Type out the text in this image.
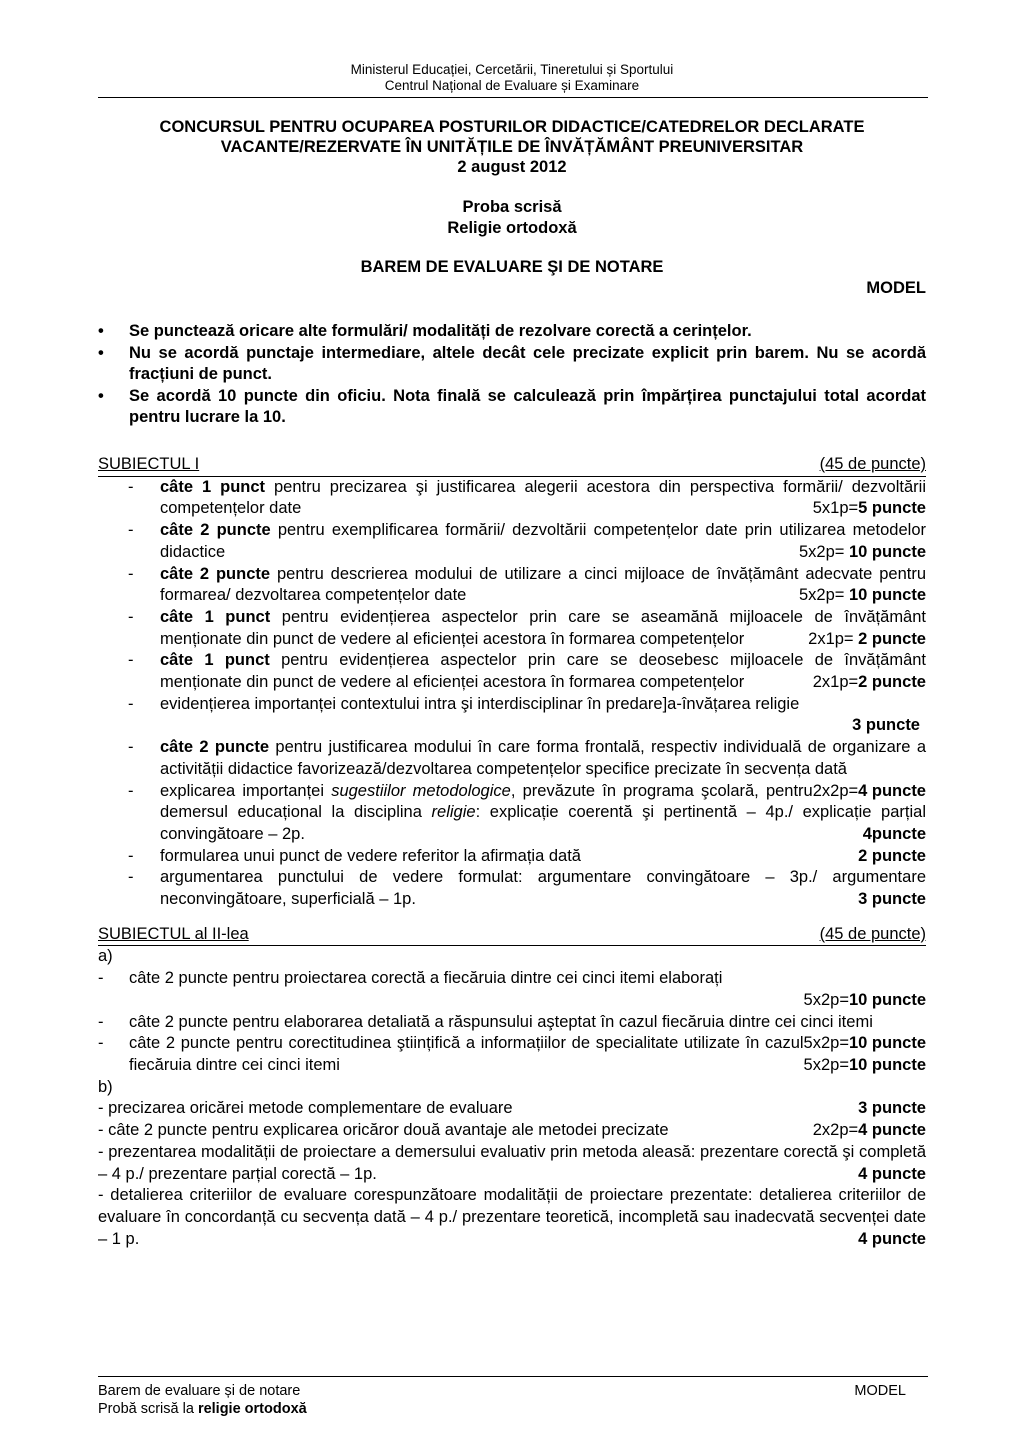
Ministerul Educației, Cercetării, Tineretului și Sportului
Centrul Național de Evaluare și Examinare
CONCURSUL PENTRU OCUPAREA POSTURILOR DIDACTICE/CATEDRELOR DECLARATE
VACANTE/REZERVATE ÎN UNITĂȚILE DE ÎNVĂȚĂMÂNT PREUNIVERSITAR
2 august 2012
Proba scrisă
Religie ortodoxă
BAREM DE EVALUARE ŞI DE NOTARE
MODEL
• Se punctează oricare alte formulări/ modalități de rezolvare corectă a cerințelor.
• Nu se acordă punctaje intermediare, altele decât cele precizate explicit prin barem. Nu se acordă fracțiuni de punct.
• Se acordă 10 puncte din oficiu. Nota finală se calculează prin împărțirea punctajului total acordat pentru lucrare la 10.
SUBIECTUL I	(45 de puncte)
- câte 1 punct pentru precizarea şi justificarea alegerii acestora din perspectiva formării/ dezvoltării competențelor date	5x1p=5 puncte
- câte 2 puncte pentru exemplificarea formării/ dezvoltării competențelor date prin utilizarea metodelor didactice	5x2p= 10 puncte
- câte 2 puncte pentru descrierea modului de utilizare a cinci mijloace de învățământ adecvate pentru formarea/ dezvoltarea competențelor date	5x2p= 10 puncte
- câte 1 punct pentru evidențierea aspectelor prin care se aseamănă mijloacele de învățământ menționate din punct de vedere al eficienței acestora în formarea competențelor	2x1p= 2 puncte
- câte 1 punct pentru evidențierea aspectelor prin care se deosebesc mijloacele de învățământ menționate din punct de vedere al eficienței acestora în formarea competențelor	2x1p=2 puncte
- evidențierea importanței contextului intra şi interdisciplinar în predare]a-învățarea religie
3 puncte
- câte 2 puncte pentru justificarea modului în care forma frontală, respectiv individuală de organizare a activității didactice favorizează/dezvoltarea competențelor specifice precizate în secvența dată
2x2p=4 puncte
- explicarea importanței sugestiilor metodologice, prevăzute în programa şcolară, pentru demersul educațional la disciplina religie: explicație coerentă şi pertinentă – 4p./ explicație parțial convingătoare – 2p.	4puncte
- formularea unui punct de vedere referitor la afirmația dată	2 puncte
- argumentarea punctului de vedere formulat: argumentare convingătoare – 3p./ argumentare neconvingătoare, superficială – 1p.	3 puncte
SUBIECTUL al II-lea	(45 de puncte)
a)
- câte 2 puncte pentru proiectarea corectă a fiecăruia dintre cei cinci itemi elaborați
5x2p=10 puncte
- câte 2 puncte pentru elaborarea detaliată a răspunsului aşteptat în cazul fiecăruia dintre cei cinci itemi
5x2p=10 puncte
- câte 2 puncte pentru corectitudinea ştiințifică a informațiilor de specialitate utilizate în cazul fiecăruia dintre cei cinci itemi	5x2p=10 puncte
b)
- precizarea oricărei metode complementare de evaluare	3 puncte
- câte 2 puncte pentru explicarea oricăror două avantaje ale metodei precizate	2x2p=4 puncte
- prezentarea modalității de proiectare a demersului evaluativ prin metoda aleasă: prezentare corectă şi completă – 4 p./ prezentare parțial corectă – 1p.	4 puncte
- detalierea criteriilor de evaluare corespunzătoare modalității de proiectare prezentate: detalierea criteriilor de evaluare în concordanță cu secvența dată – 4 p./ prezentare teoretică, incompletă sau inadecvată secvenței date – 1 p.	4 puncte
Barem de evaluare și de notare
Probă scrisă la religie ortodoxă
MODEL
